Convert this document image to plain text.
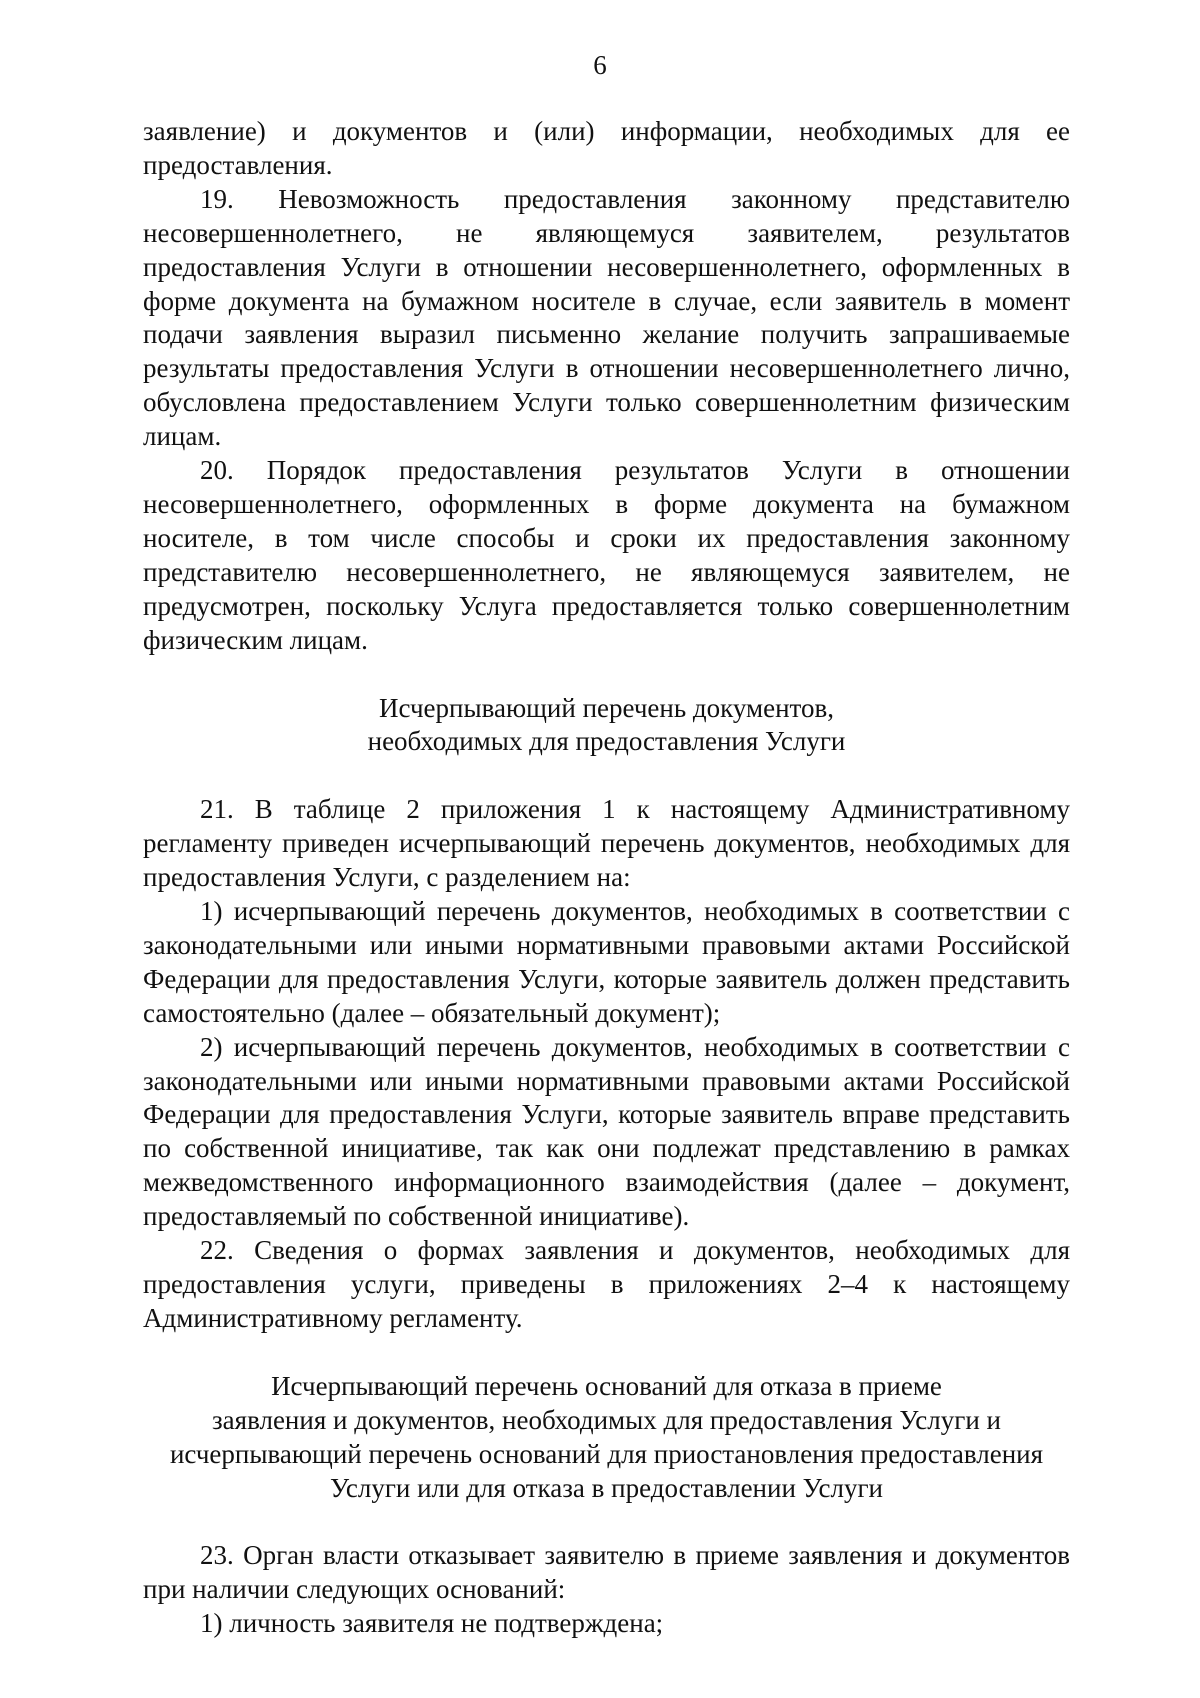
6

заявление) и документов и (или) информации, необходимых для ее предоставления.

19. Невозможность предоставления законному представителю несовершеннолетнего, не являющемуся заявителем, результатов предоставления Услуги в отношении несовершеннолетнего, оформленных в форме документа на бумажном носителе в случае, если заявитель в момент подачи заявления выразил письменно желание получить запрашиваемые результаты предоставления Услуги в отношении несовершеннолетнего лично, обусловлена предоставлением Услуги только совершеннолетним физическим лицам.

20. Порядок предоставления результатов Услуги в отношении несовершеннолетнего, оформленных в форме документа на бумажном носителе, в том числе способы и сроки их предоставления законному представителю несовершеннолетнего, не являющемуся заявителем, не предусмотрен, поскольку Услуга предоставляется только совершеннолетним физическим лицам.

Исчерпывающий перечень документов,
необходимых для предоставления Услуги

21. В таблице 2 приложения 1 к настоящему Административному регламенту приведен исчерпывающий перечень документов, необходимых для предоставления Услуги, с разделением на:

1) исчерпывающий перечень документов, необходимых в соответствии с законодательными или иными нормативными правовыми актами Российской Федерации для предоставления Услуги, которые заявитель должен представить самостоятельно (далее – обязательный документ);

2) исчерпывающий перечень документов, необходимых в соответствии с законодательными или иными нормативными правовыми актами Российской Федерации для предоставления Услуги, которые заявитель вправе представить по собственной инициативе, так как они подлежат представлению в рамках межведомственного информационного взаимодействия (далее – документ, предоставляемый по собственной инициативе).

22. Сведения о формах заявления и документов, необходимых для предоставления услуги, приведены в приложениях 2–4 к настоящему Административному регламенту.

Исчерпывающий перечень оснований для отказа в приеме
заявления и документов, необходимых для предоставления Услуги и
исчерпывающий перечень оснований для приостановления предоставления
Услуги или для отказа в предоставлении Услуги

23. Орган власти отказывает заявителю в приеме заявления и документов при наличии следующих оснований:

1) личность заявителя не подтверждена;
